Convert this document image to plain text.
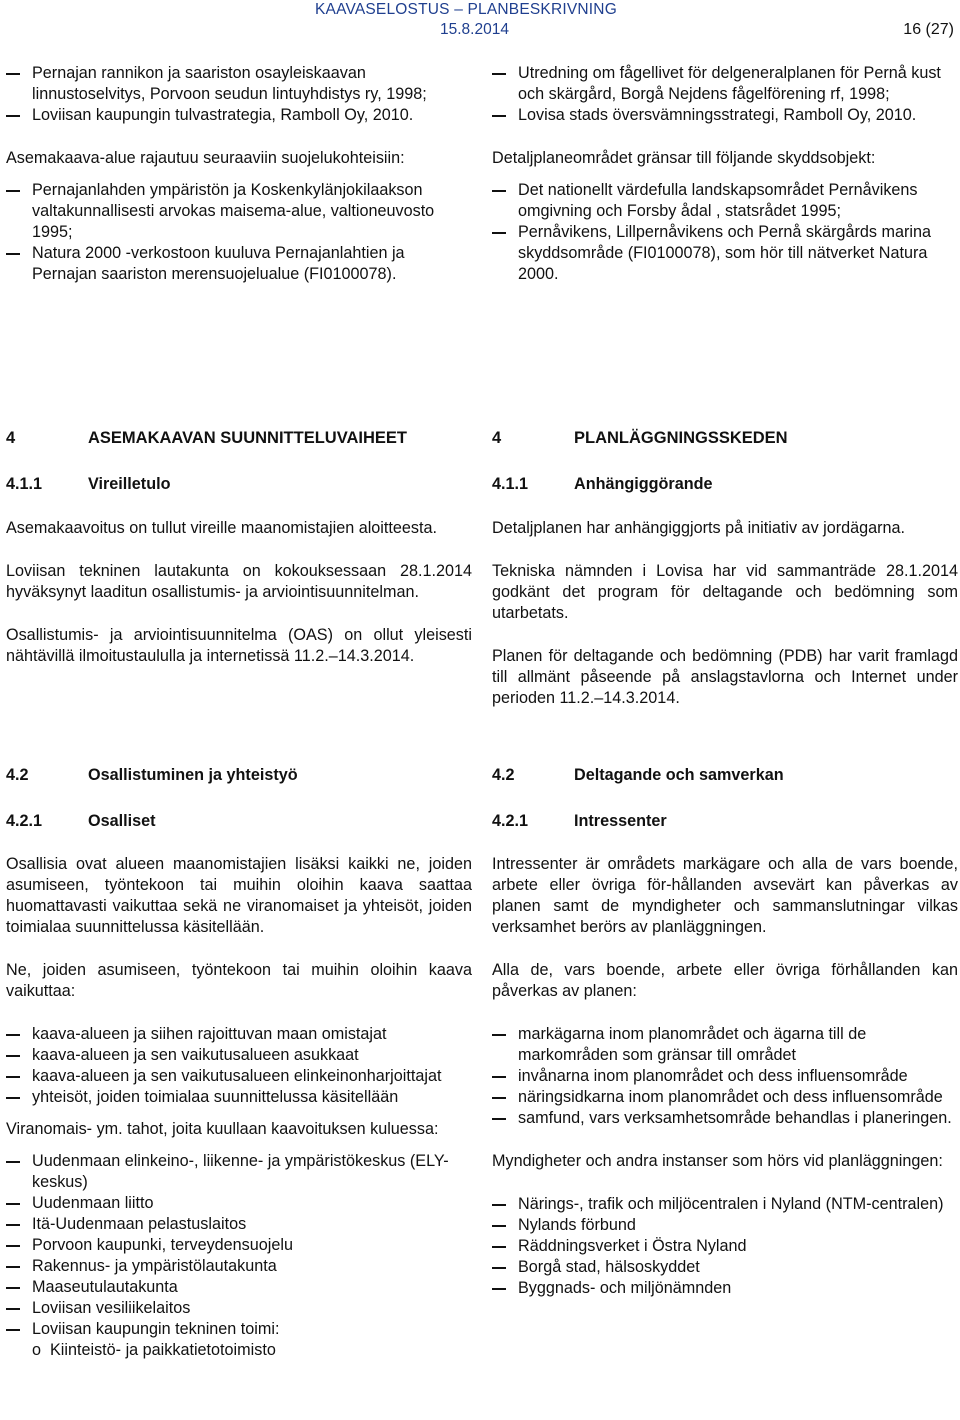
KAAVASELOSTUS – PLANBESKRIVNING
15.8.2014	16 (27)
Pernajan rannikon ja saariston osayleiskaavan linnustoselvitys, Porvoon seudun lintuyhdistys ry, 1998;
Loviisan kaupungin tulvastrategia, Ramboll Oy, 2010.

Asemakaava-alue rajautuu seuraaviin suojelukohteisiin:

Pernajanlahden ympäristön ja Koskenkylänjokilaakson valtakunnallisesti arvokas maisema-alue, valtioneuvosto 1995;
Natura 2000 -verkostoon kuuluva Pernajanlahtien ja Pernajan saariston merensuojelualue (FI0100078).
Utredning om fågellivet för delgeneralplanen för Pernå kust och skärgård, Borgå Nejdens fågelförening rf, 1998;
Lovisa stads översvämningsstrategi, Ramboll Oy, 2010.

Detaljplaneområdet gränsar till följande skyddsobjekt:

Det nationellt värdefulla landskapsområdet Pernåvikens omgivning och Forsby ådal , statsrådet 1995;
Pernåvikens, Lillpernåvikens och Pernå skärgårds marina skyddsområde (FI0100078), som hör till nätverket Natura 2000.
4	ASEMAKAAVAN SUUNNITTELUVAIHEET	4	PLANLÄGGNINGSSKEDEN
4.1.1	Vireilletulo	4.1.1	Anhängiggörande

Asemakaavoitus on tullut vireille maanomistajien aloitteesta.

Loviisan tekninen lautakunta on kokouksessaan 28.1.2014 hyväksynyt laaditun osallistumis- ja arviointisuunnitelman.

Osallistumis- ja arviointisuunnitelma (OAS) on ollut yleisesti nähtävillä ilmoitustaululla ja internetissä 11.2.–14.3.2014.

Detaljplanen har anhängiggjorts på initiativ av jordägarna.

Tekniska nämnden i Lovisa har vid sammanträde 28.1.2014 godkänt det program för deltagande och bedömning som utarbetats.

Planen för deltagande och bedömning (PDB) har varit framlagd till allmänt påseende på anslagstavlorna och Internet under perioden 11.2.–14.3.2014.

4.2	Osallistuminen ja yhteistyö	4.2	Deltagande och samverkan
4.2.1	Osalliset	4.2.1	Intressenter

Osallisia ovat alueen maanomistajien lisäksi kaikki ne, joiden asumiseen, työntekoon tai muihin oloihin kaava saattaa huomattavasti vaikuttaa sekä ne viranomaiset ja yhteisöt, joiden toimialaa suunnittelussa käsitellään.

Ne, joiden asumiseen, työntekoon tai muihin oloihin kaava vaikuttaa:

kaava-alueen ja siihen rajoittuvan maan omistajat
kaava-alueen ja sen vaikutusalueen asukkaat
kaava-alueen ja sen vaikutusalueen elinkeinonharjoittajat
yhteisöt, joiden toimialaa suunnittelussa käsitellään

Viranomais- ym. tahot, joita kuullaan kaavoituksen kuluessa:

Uudenmaan elinkeino-, liikenne- ja ympäristökeskus (ELY-keskus)
Uudenmaan liitto
Itä-Uudenmaan pelastuslaitos
Porvoon kaupunki, terveydensuojelu
Rakennus- ja ympäristölautakunta
Maaseutulautakunta
Loviisan vesiliikelaitos
Loviisan kaupungin tekninen toimi:
o Kiinteistö- ja paikkatietotoimisto

Intressenter är områdets markägare och alla de vars boende, arbete eller övriga för-hållanden avsevärt kan påverkas av planen samt de myndigheter och sammanslutningar vilkas verksamhet berörs av planläggningen.

Alla de, vars boende, arbete eller övriga förhållanden kan påverkas av planen:

markägarna inom planområdet och ägarna till de markområden som gränsar till området
invånarna inom planområdet och dess influensområde
näringsidkarna inom planområdet och dess influensområde
samfund, vars verksamhetsområde behandlas i planeringen.

Myndigheter och andra instanser som hörs vid planläggningen:

Närings-, trafik och miljöcentralen i Nyland (NTM-centralen)
Nylands förbund
Räddningsverket i Östra Nyland
Borgå stad, hälsoskyddet
Byggnads- och miljönämnden
